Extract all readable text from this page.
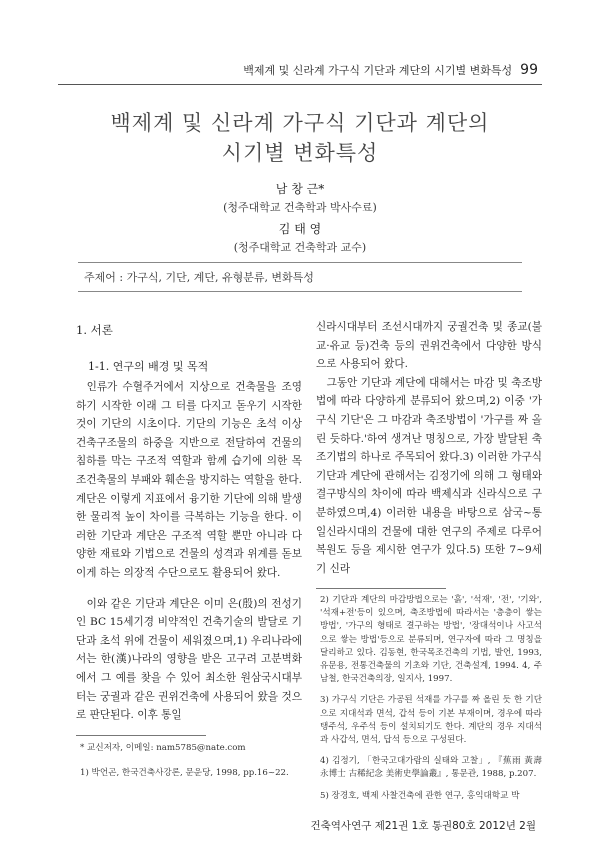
백제계 및 신라계 가구식 기단과 계단의 시기별 변화특성 99
백제계 및 신라계 가구식 기단과 계단의
시기별 변화특성
남 창 근*
(청주대학교 건축학과 박사수료)
김 태 영
(청주대학교 건축학과 교수)
주제어 : 가구식, 기단, 계단, 유형분류, 변화특성
1. 서론
1-1. 연구의 배경 및 목적

인류가 수혈주거에서 지상으로 건축물을 조영하기 시작한 이래 그 터를 다지고 돋우기 시작한 것이 기단의 시초이다. 기단의 기능은 초석 이상 건축구조물의 하중을 지반으로 전달하여 건물의 침하를 막는 구조적 역할과 함께 습기에 의한 목조건축물의 부패와 훼손을 방지하는 역할을 한다. 계단은 이렇게 지표에서 융기한 기단에 의해 발생한 물리적 높이 차이를 극복하는 기능을 한다. 이러한 기단과 계단은 구조적 역할 뿐만 아니라 다양한 재료와 기법으로 건물의 성격과 위계를 돋보이게 하는 의장적 수단으로도 활용되어 왔다.

이와 같은 기단과 계단은 이미 은(殷)의 전성기인 BC 15세기경 비약적인 건축기술의 발달로 기단과 초석 위에 건물이 세워졌으며,1) 우리나라에서는 한(漢)나라의 영향을 받은 고구려 고분벽화에서 그 예를 찾을 수 있어 최소한 원삼국시대부터는 궁궐과 같은 권위건축에 사용되어 왔을 것으로 판단된다. 이후 통일

* 교신저자, 이메일: nam5785@nate.com

1) 박언곤, 한국건축사강론, 문운당, 1998, pp.16~22.

신라시대부터 조선시대까지 궁궐건축 및 종교(불교·유교 등)건축 등의 권위건축에서 다양한 방식으로 사용되어 왔다.

그동안 기단과 계단에 대해서는 마감 및 축조방법에 따라 다양하게 분류되어 왔으며,2) 이중 '가구식 기단'은 그 마감과 축조방법이 '가구를 짜 올린 듯하다.'하여 생겨난 명칭으로, 가장 발달된 축조기법의 하나로 주목되어 왔다.3) 이러한 가구식 기단과 계단에 관해서는 김정기에 의해 그 형태와 결구방식의 차이에 따라 백제식과 신라식으로 구분하였으며,4) 이러한 내용을 바탕으로 삼국~통일신라시대의 건물에 대한 연구의 주제로 다루어 복원도 등을 제시한 연구가 있다.5) 또한 7~9세기 신라

2) 기단과 계단의 마감방법으로는 '흙', '석재', '전', '기와', '석재+전'등이 있으며, 축조방법에 따라서는 '층층이 쌓는 방법', '가구의 형태로 결구하는 방법', '장대석이나 사고석으로 쌓는 방법'등으로 분류되며, 연구자에 따라 그 명칭을 달리하고 있다. 김동현, 한국목조건축의 기법, 발언, 1993, 유문용, 전통건축물의 기초와 기단, 건축설계, 1994. 4, 주남철, 한국건축의장, 일지사, 1997.

3) 가구식 기단은 가공된 석재를 가구를 짜 올린 듯 한 기단으로 지대석과 면석, 갑석 등이 기본 부재이며, 경우에 따라 탱주석, 우주석 등이 설치되기도 한다. 계단의 경우 지대석과 사갑석, 면석, 답석 등으로 구성된다.

4) 김정기, 「한국고대가람의 실태와 고찰」, 『蕉雨 黃壽永博士 古稀紀念 美術史學論叢』, 통문관, 1988, p.207.

5) 장경호, 백제 사찰건축에 관한 연구, 홍익대학교 박

건축역사연구 제21권 1호 통권80호 2012년 2월
